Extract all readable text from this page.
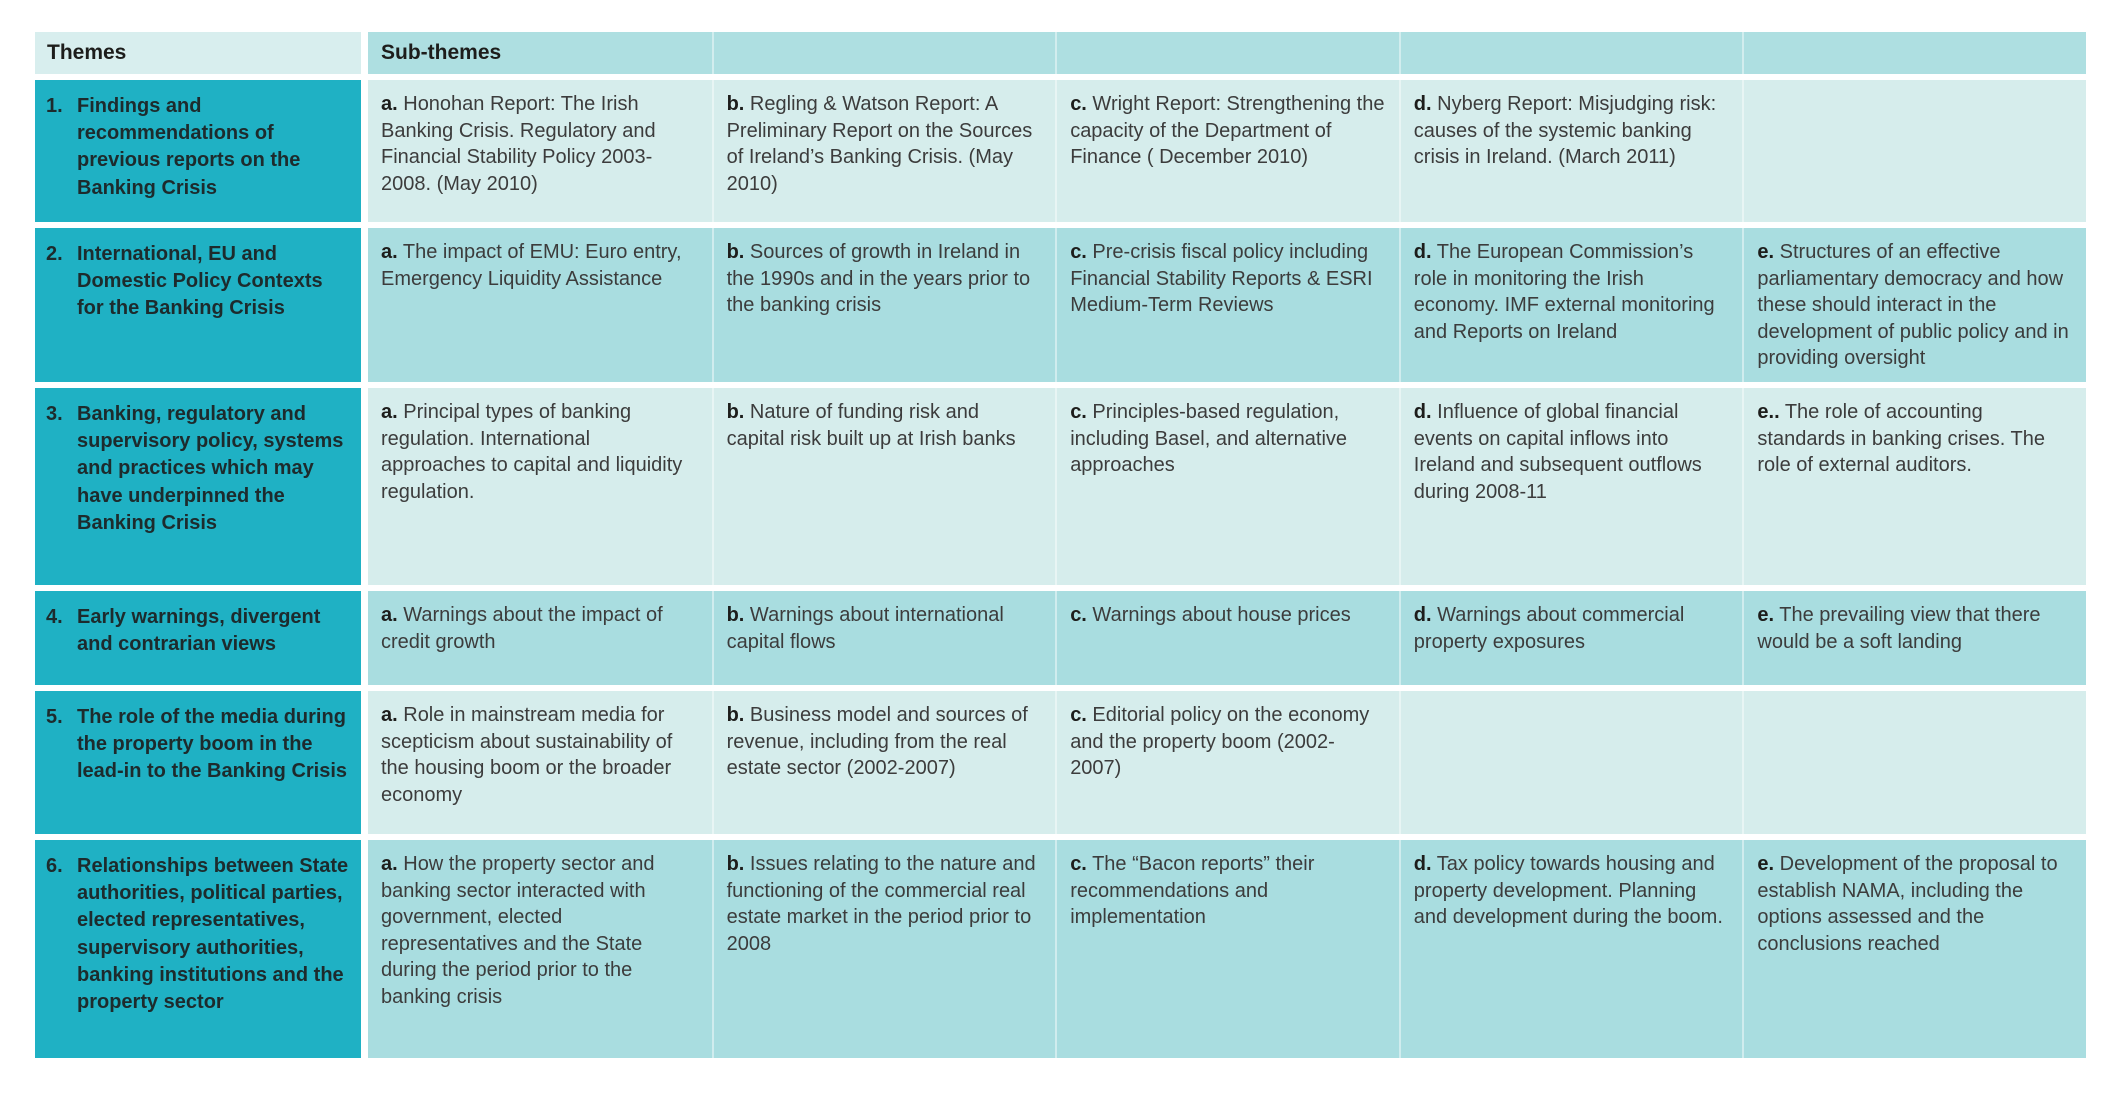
Themes	Sub-themes
1. Findings and recommendations of previous reports on the Banking Crisis
a. Honohan Report: The Irish Banking Crisis. Regulatory and Financial Stability Policy 2003-2008. (May 2010)
b. Regling & Watson Report: A Preliminary Report on the Sources of Ireland’s Banking Crisis. (May 2010)
c. Wright Report: Strengthening the capacity of the Department of Finance ( December 2010)
d. Nyberg Report: Misjudging risk: causes of the systemic banking crisis in Ireland. (March 2011)
2. International, EU and Domestic Policy Contexts for the Banking Crisis
a. The impact of EMU: Euro entry, Emergency Liquidity Assistance
b. Sources of growth in Ireland in the 1990s and in the years prior to the banking crisis
c. Pre-crisis fiscal policy including Financial Stability Reports & ESRI Medium-Term Reviews
d. The European Commission’s role in monitoring the Irish economy. IMF external monitoring and Reports on Ireland
e. Structures of an effective parliamentary democracy and how these should interact in the development of public policy and in providing oversight
3. Banking, regulatory and supervisory policy, systems and practices which may have underpinned the Banking Crisis
a. Principal types of banking regulation. International approaches to capital and liquidity regulation.
b. Nature of funding risk and capital risk built up at Irish banks
c. Principles-based regulation, including Basel, and alternative approaches
d. Influence of global financial events on capital inflows into Ireland and subsequent outflows during 2008-11
e.. The role of accounting standards in banking crises. The role of external auditors.
4. Early warnings, divergent and contrarian views
a. Warnings about the impact of credit growth
b. Warnings about international capital flows
c. Warnings about house prices	d. Warnings about commercial property exposures
e. The prevailing view that there would be a soft landing
5. The role of the media during the property boom in the lead-in to the Banking Crisis
a. Role in mainstream media for scepticism about sustainability of the housing boom or the broader economy
b. Business model and sources of revenue, including from the real estate sector (2002-2007)
c. Editorial policy on the economy and the property boom (2002-2007)
6. Relationships between State authorities, political parties, elected representatives, supervisory authorities, banking institutions and the property sector
a. How the property sector and banking sector interacted with government, elected representatives and the State during the period prior to the banking crisis
b. Issues relating to the nature and functioning of the commercial real estate market in the period prior to 2008
c. The “Bacon reports” their recommendations and implementation
d. Tax policy towards housing and property development. Planning and development during the boom.
e. Development of the proposal to establish NAMA, including the options assessed and the conclusions reached
